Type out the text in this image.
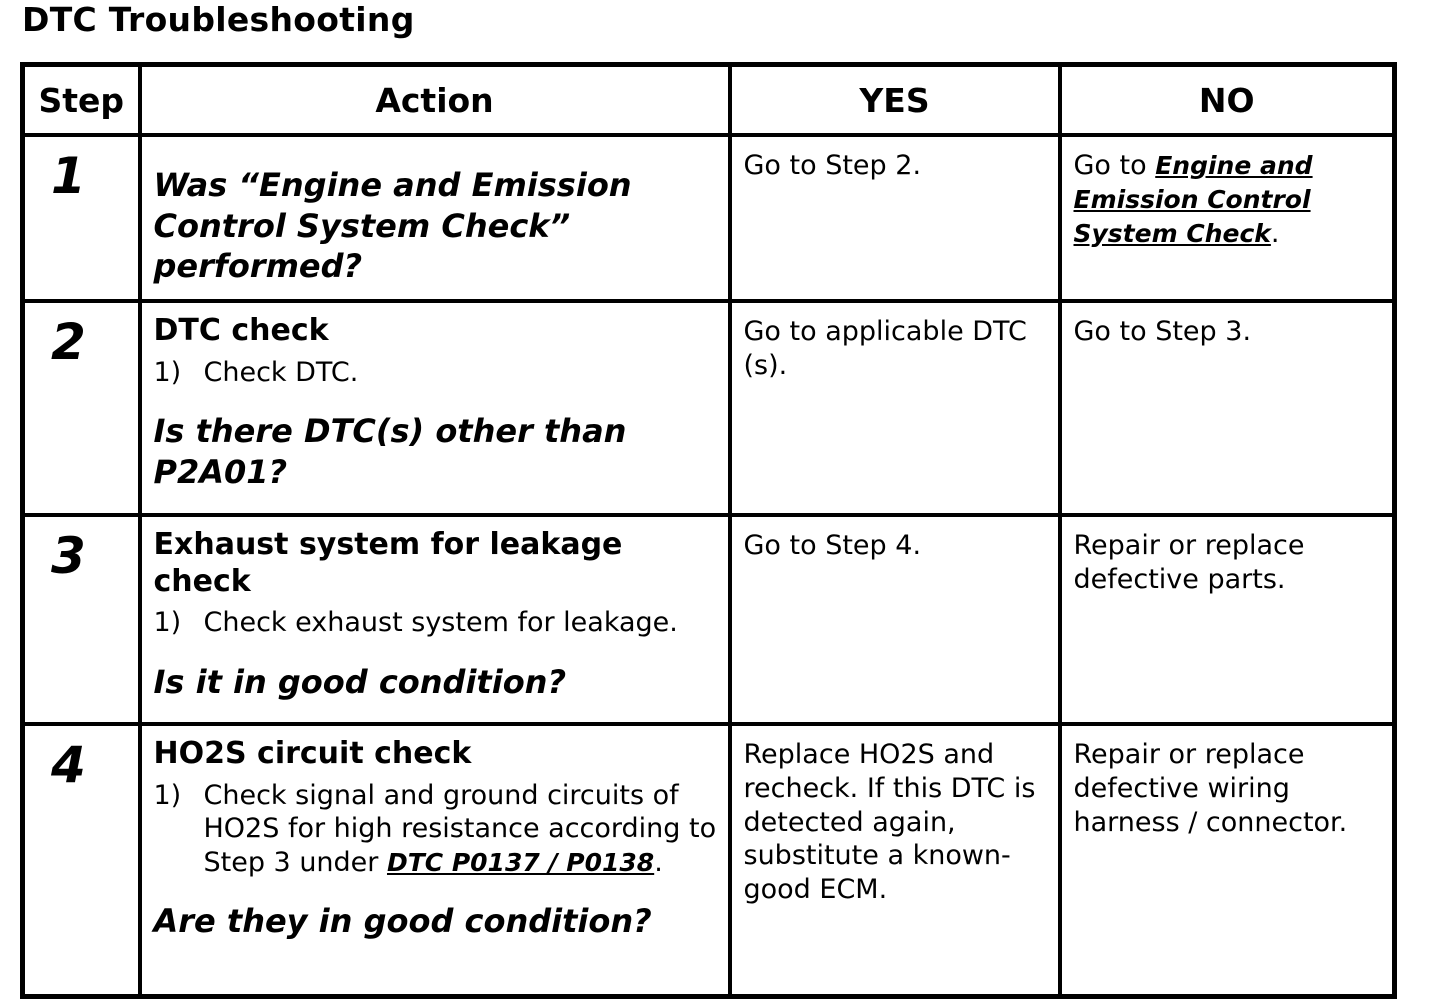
DTC Troubleshooting
Step	Action	YES	NO

1	Was “Engine and Emission Control System Check” performed?	Go to Step 2.	Go to Engine and Emission Control System Check.

2	DTC check

1) Check DTC.

Is there DTC(s) other than P2A01?	Go to applicable DTC (s).	Go to Step 3.

3	Exhaust system for leakage check

1) Check exhaust system for leakage.

Is it in good condition?	Go to Step 4.	Repair or replace defective parts.

4	HO2S circuit check

1) Check signal and ground circuits of HO2S for high resistance according to Step 3 under DTC P0137 / P0138.

Are they in good condition?	Replace HO2S and recheck. If this DTC is detected again, substitute a known-good ECM.	Repair or replace defective wiring harness / connector.
